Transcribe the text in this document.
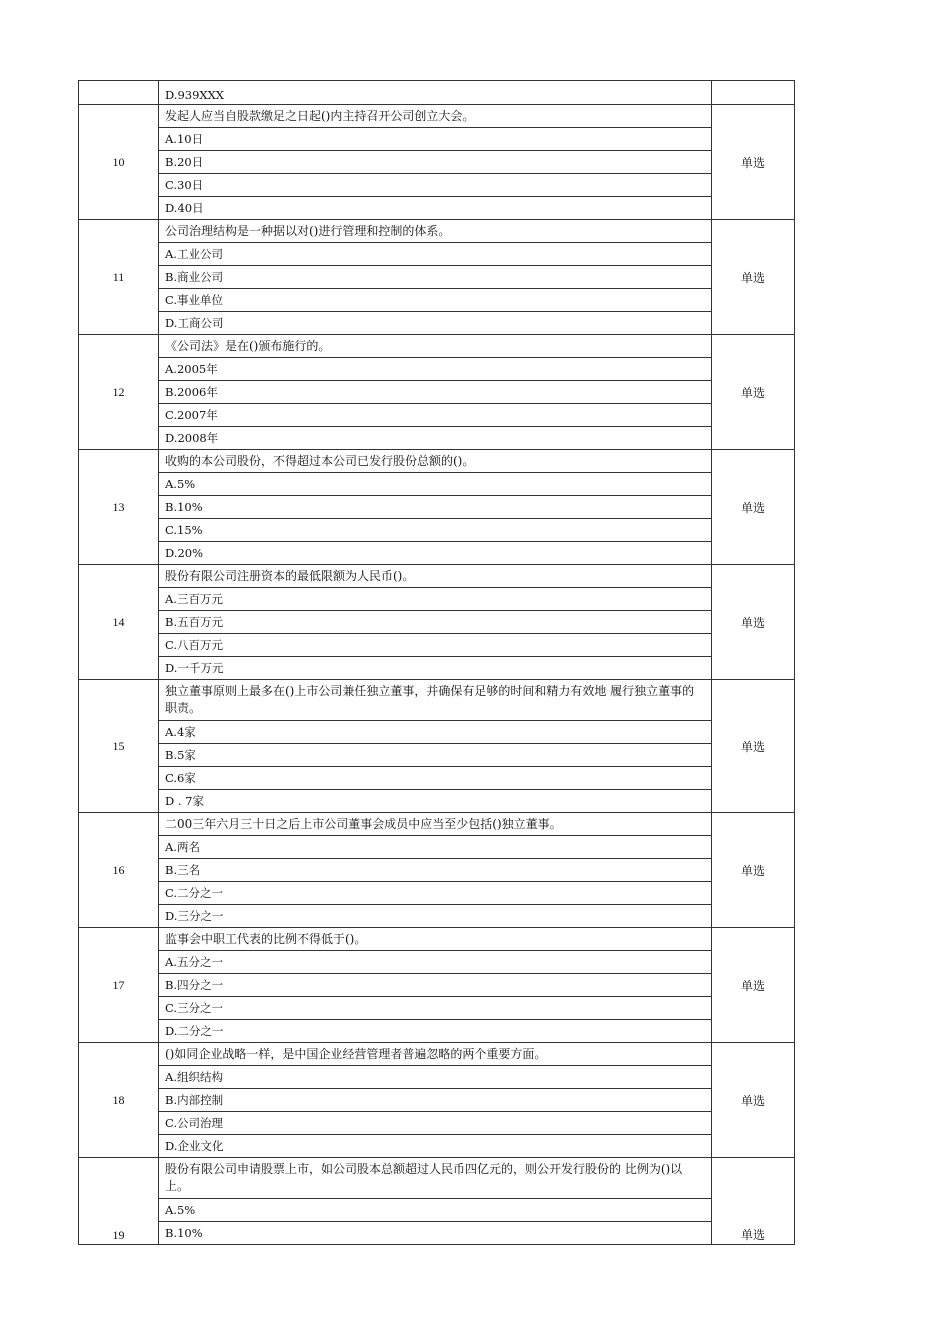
	D.939XXX	

10	发起人应当自股款缴足之日起()内主持召开公司创立大会。
A.10日
B.20日
C.30日
D.40日	单选
11	公司治理结构是一种据以对()进行管理和控制的体系。
A.工业公司
B.商业公司
C.事业单位
D.工商公司	单选
12	《公司法》是在()颁布施行的。
A.2005年
B.2006年
C.2007年
D.2008年	单选
13	收购的本公司股份，不得超过本公司已发行股份总额的()。
A.5%
B.10%
C.15%
D.20%	单选
14	股份有限公司注册资本的最低限额为人民币()。
A.三百万元
B.五百万元
C.八百万元
D.一千万元	单选
15	独立董事原则上最多在()上市公司兼任独立董事，并确保有足够的时间和精力有效地 履行独立董事的职责。
A.4家
B.5家
C.6家
D . 7家	单选
16	二00三年六月三十日之后上市公司董事会成员中应当至少包括()独立董事。
A.两名
B.三名
C.二分之一
D.三分之一	单选
17	监事会中职工代表的比例不得低于()。
A.五分之一
B.四分之一
C.三分之一
D.二分之一	单选
18	()如同企业战略一样，是中国企业经营管理者普遍忽略的两个重要方面。
A.组织结构
B.内部控制
C.公司治理
D.企业文化	单选
19	股份有限公司申请股票上市，如公司股本总额超过人民币四亿元的，则公开发行股份的 比例为()以上。
A.5%
B.10%	单选
